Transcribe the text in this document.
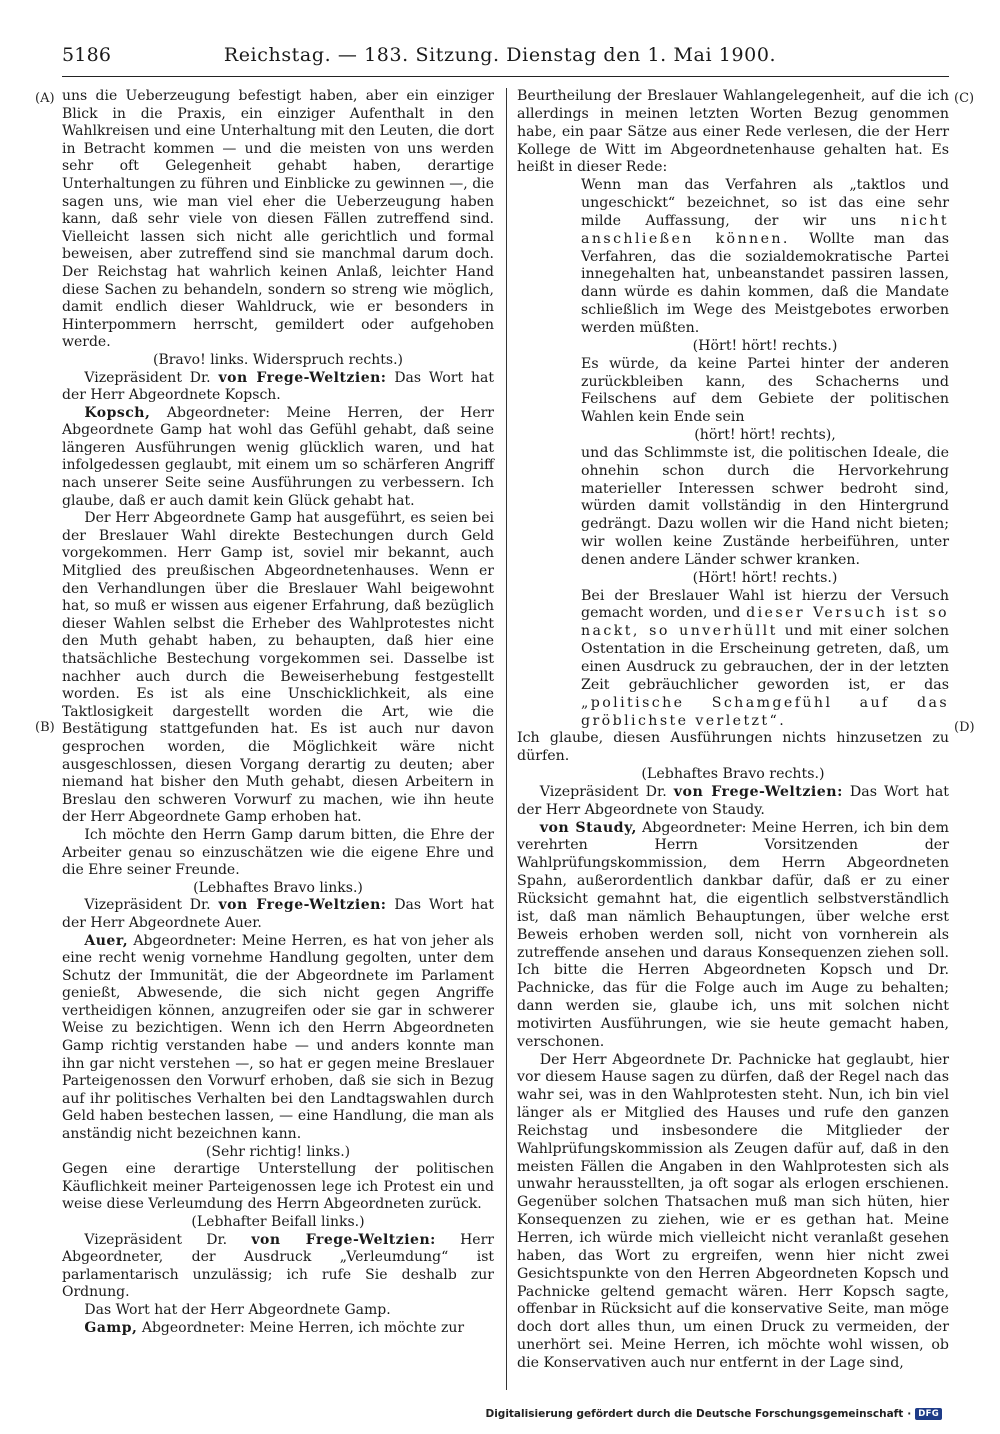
5186	Reichstag. — 183. Sitzung. Dienstag den 1. Mai 1900.
(A)
(B)
(C)
(D)

uns die Ueberzeugung befestigt haben, aber ein einziger Blick in die Praxis, ein einziger Aufenthalt in den Wahlkreisen und eine Unterhaltung mit den Leuten, die dort in Betracht kommen — und die meisten von uns werden sehr oft Gelegenheit gehabt haben, derartige Unterhaltungen zu führen und Einblicke zu gewinnen —, die sagen uns, wie man viel eher die Ueberzeugung haben kann, daß sehr viele von diesen Fällen zutreffend sind. Vielleicht lassen sich nicht alle gerichtlich und formal beweisen, aber zutreffend sind sie manchmal darum doch. Der Reichstag hat wahrlich keinen Anlaß, leichter Hand diese Sachen zu behandeln, sondern so streng wie möglich, damit endlich dieser Wahldruck, wie er besonders in Hinterpommern herrscht, gemildert oder aufgehoben werde.

(Bravo! links. Widerspruch rechts.)

Vizepräsident Dr. von Frege-Weltzien: Das Wort hat der Herr Abgeordnete Kopsch.

Kopsch, Abgeordneter: Meine Herren, der Herr Abgeordnete Gamp hat wohl das Gefühl gehabt, daß seine längeren Ausführungen wenig glücklich waren, und hat infolgedessen geglaubt, mit einem um so schärferen Angriff nach unserer Seite seine Ausführungen zu verbessern. Ich glaube, daß er auch damit kein Glück gehabt hat.

Der Herr Abgeordnete Gamp hat ausgeführt, es seien bei der Breslauer Wahl direkte Bestechungen durch Geld vorgekommen. Herr Gamp ist, soviel mir bekannt, auch Mitglied des preußischen Abgeordnetenhauses. Wenn er den Verhandlungen über die Breslauer Wahl beigewohnt hat, so muß er wissen aus eigener Erfahrung, daß bezüglich dieser Wahlen selbst die Erheber des Wahlprotestes nicht den Muth gehabt haben, zu behaupten, daß hier eine thatsächliche Bestechung vorgekommen sei. Dasselbe ist nachher auch durch die Beweiserhebung festgestellt worden. Es ist als eine Unschicklichkeit, als eine Taktlosigkeit dargestellt worden die Art, wie die Bestätigung stattgefunden hat. Es ist auch nur davon gesprochen worden, die Möglichkeit wäre nicht ausgeschlossen, diesen Vorgang derartig zu deuten; aber niemand hat bisher den Muth gehabt, diesen Arbeitern in Breslau den schweren Vorwurf zu machen, wie ihn heute der Herr Abgeordnete Gamp erhoben hat.

Ich möchte den Herrn Gamp darum bitten, die Ehre der Arbeiter genau so einzuschätzen wie die eigene Ehre und die Ehre seiner Freunde.

(Lebhaftes Bravo links.)

Vizepräsident Dr. von Frege-Weltzien: Das Wort hat der Herr Abgeordnete Auer.

Auer, Abgeordneter: Meine Herren, es hat von jeher als eine recht wenig vornehme Handlung gegolten, unter dem Schutz der Immunität, die der Abgeordnete im Parlament genießt, Abwesende, die sich nicht gegen Angriffe vertheidigen können, anzugreifen oder sie gar in schwerer Weise zu bezichtigen. Wenn ich den Herrn Abgeordneten Gamp richtig verstanden habe — und anders konnte man ihn gar nicht verstehen —, so hat er gegen meine Breslauer Parteigenossen den Vorwurf erhoben, daß sie sich in Bezug auf ihr politisches Verhalten bei den Landtagswahlen durch Geld haben bestechen lassen, — eine Handlung, die man als anständig nicht bezeichnen kann.

(Sehr richtig! links.)

Gegen eine derartige Unterstellung der politischen Käuflichkeit meiner Parteigenossen lege ich Protest ein und weise diese Verleumdung des Herrn Abgeordneten zurück.

(Lebhafter Beifall links.)

Vizepräsident Dr. von Frege-Weltzien: Herr Abgeordneter, der Ausdruck „Verleumdung“ ist parlamentarisch unzulässig; ich rufe Sie deshalb zur Ordnung.

Das Wort hat der Herr Abgeordnete Gamp.

Gamp, Abgeordneter: Meine Herren, ich möchte zur

Beurtheilung der Breslauer Wahlangelegenheit, auf die ich allerdings in meinen letzten Worten Bezug genommen habe, ein paar Sätze aus einer Rede verlesen, die der Herr Kollege de Witt im Abgeordnetenhause gehalten hat. Es heißt in dieser Rede:

Wenn man das Verfahren als „taktlos und ungeschickt“ bezeichnet, so ist das eine sehr milde Auffassung, der wir uns nicht anschließen können. Wollte man das Verfahren, das die sozialdemokratische Partei innegehalten hat, unbeanstandet passiren lassen, dann würde es dahin kommen, daß die Mandate schließlich im Wege des Meistgebotes erworben werden müßten.

(Hört! hört! rechts.)

Es würde, da keine Partei hinter der anderen zurückbleiben kann, des Schacherns und Feilschens auf dem Gebiete der politischen Wahlen kein Ende sein

(hört! hört! rechts),

und das Schlimmste ist, die politischen Ideale, die ohnehin schon durch die Hervorkehrung materieller Interessen schwer bedroht sind, würden damit vollständig in den Hintergrund gedrängt. Dazu wollen wir die Hand nicht bieten; wir wollen keine Zustände herbeiführen, unter denen andere Länder schwer kranken.

(Hört! hört! rechts.)

Bei der Breslauer Wahl ist hierzu der Versuch gemacht worden, und dieser Versuch ist so nackt, so unverhüllt und mit einer solchen Ostentation in die Erscheinung getreten, daß, um einen Ausdruck zu gebrauchen, der in der letzten Zeit gebräuchlicher geworden ist, er das „politische Schamgefühl auf das gröblichste verletzt“.

Ich glaube, diesen Ausführungen nichts hinzusetzen zu dürfen.

(Lebhaftes Bravo rechts.)

Vizepräsident Dr. von Frege-Weltzien: Das Wort hat der Herr Abgeordnete von Staudy.

von Staudy, Abgeordneter: Meine Herren, ich bin dem verehrten Herrn Vorsitzenden der Wahlprüfungskommission, dem Herrn Abgeordneten Spahn, außerordentlich dankbar dafür, daß er zu einer Rücksicht gemahnt hat, die eigentlich selbstverständlich ist, daß man nämlich Behauptungen, über welche erst Beweis erhoben werden soll, nicht von vornherein als zutreffende ansehen und daraus Konsequenzen ziehen soll. Ich bitte die Herren Abgeordneten Kopsch und Dr. Pachnicke, das für die Folge auch im Auge zu behalten; dann werden sie, glaube ich, uns mit solchen nicht motivirten Ausführungen, wie sie heute gemacht haben, verschonen.

Der Herr Abgeordnete Dr. Pachnicke hat geglaubt, hier vor diesem Hause sagen zu dürfen, daß der Regel nach das wahr sei, was in den Wahlprotesten steht. Nun, ich bin viel länger als er Mitglied des Hauses und rufe den ganzen Reichstag und insbesondere die Mitglieder der Wahlprüfungskommission als Zeugen dafür auf, daß in den meisten Fällen die Angaben in den Wahlprotesten sich als unwahr herausstellten, ja oft sogar als erlogen erschienen. Gegenüber solchen Thatsachen muß man sich hüten, hier Konsequenzen zu ziehen, wie er es gethan hat. Meine Herren, ich würde mich vielleicht nicht veranlaßt gesehen haben, das Wort zu ergreifen, wenn hier nicht zwei Gesichtspunkte von den Herren Abgeordneten Kopsch und Pachnicke geltend gemacht wären. Herr Kopsch sagte, offenbar in Rücksicht auf die konservative Seite, man möge doch dort alles thun, um einen Druck zu vermeiden, der unerhört sei. Meine Herren, ich möchte wohl wissen, ob die Konservativen auch nur entfernt in der Lage sind,

Digitalisierung gefördert durch die Deutsche Forschungsgemeinschaft · DFG
